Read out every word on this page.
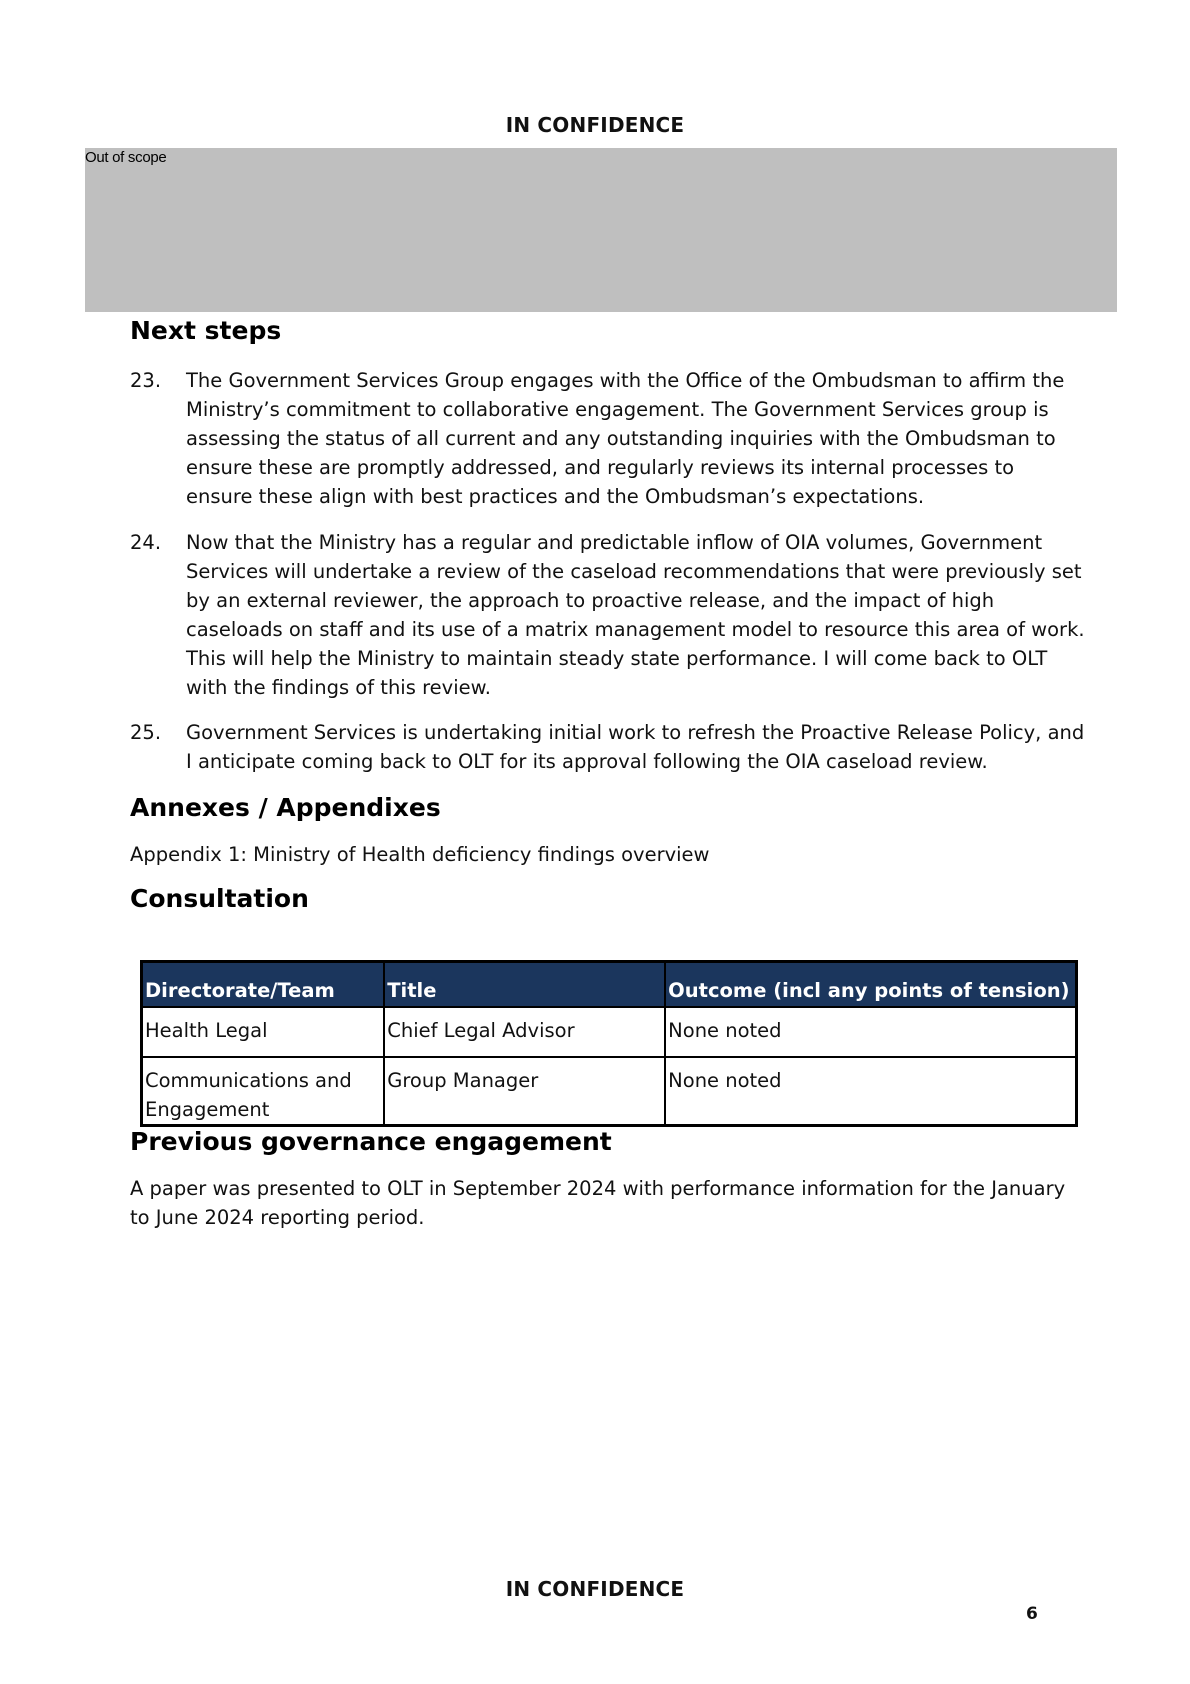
IN CONFIDENCE
Out of scope
Next steps
23. The Government Services Group engages with the Office of the Ombudsman to affirm the Ministry’s commitment to collaborative engagement. The Government Services group is assessing the status of all current and any outstanding inquiries with the Ombudsman to ensure these are promptly addressed, and regularly reviews its internal processes to ensure these align with best practices and the Ombudsman’s expectations.
24. Now that the Ministry has a regular and predictable inflow of OIA volumes, Government Services will undertake a review of the caseload recommendations that were previously set by an external reviewer, the approach to proactive release, and the impact of high caseloads on staff and its use of a matrix management model to resource this area of work. This will help the Ministry to maintain steady state performance. I will come back to OLT with the findings of this review.
25. Government Services is undertaking initial work to refresh the Proactive Release Policy, and I anticipate coming back to OLT for its approval following the OIA caseload review.
Annexes / Appendixes
Appendix 1: Ministry of Health deficiency findings overview
Consultation
Directorate/Team	Title	Outcome (incl any points of tension)
Health Legal	Chief Legal Advisor	None noted
Communications and Engagement	Group Manager	None noted
Previous governance engagement
A paper was presented to OLT in September 2024 with performance information for the January to June 2024 reporting period.
IN CONFIDENCE
6
